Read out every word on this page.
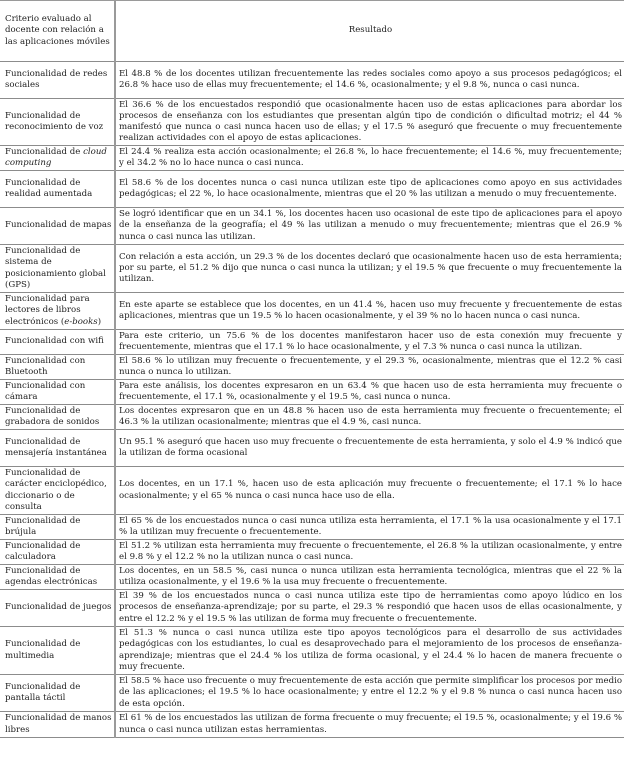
Criterio evaluado al docente con relación a las aplicaciones móviles	Resultado
Funcionalidad de redes sociales	El 48.8 % de los docentes utilizan frecuentemente las redes sociales como apoyo a sus procesos pedagógicos; el 26.8 % hace uso de ellas muy frecuentemente; el 14.6 %, ocasionalmente; y el 9.8 %, nunca o casi nunca.
Funcionalidad de reconocimiento de voz	El 36.6 % de los encuestados respondió que ocasionalmente hacen uso de estas aplicaciones para abordar los procesos de enseñanza con los estudiantes que presentan algún tipo de condición o dificultad motriz; el 44 % manifestó que nunca o casi nunca hacen uso de ellas; y el 17.5 % aseguró que frecuente o muy frecuentemente realizan actividades con el apoyo de estas aplicaciones.
Funcionalidad de cloud computing	El 24.4 % realiza esta acción ocasionalmente; el 26.8 %, lo hace frecuentemente; el 14.6 %, muy frecuentemente; y el 34.2 % no lo hace nunca o casi nunca.
Funcionalidad de realidad aumentada	El 58.6 % de los docentes nunca o casi nunca utilizan este tipo de aplicaciones como apoyo en sus actividades pedagógicas; el 22 %, lo hace ocasionalmente, mientras que el 20 % las utilizan a menudo o muy frecuentemente.
Funcionalidad de mapas	Se logró identificar que en un 34.1 %, los docentes hacen uso ocasional de este tipo de aplicaciones para el apoyo de la enseñanza de la geografía; el 49 % las utilizan a menudo o muy frecuentemente; mientras que el 26.9 % nunca o casi nunca las utilizan.
Funcionalidad de sistema de posicionamiento global (GPS)	Con relación a esta acción, un 29.3 % de los docentes declaró que ocasionalmente hacen uso de esta herramienta; por su parte, el 51.2 % dijo que nunca o casi nunca la utilizan; y el 19.5 % que frecuente o muy frecuentemente la utilizan.
Funcionalidad para lectores de libros electrónicos (e-books)	En este aparte se establece que los docentes, en un 41.4 %, hacen uso muy frecuente y frecuentemente de estas aplicaciones, mientras que un 19.5 % lo hacen ocasionalmente, y el 39 % no lo hacen nunca o casi nunca.
Funcionalidad con wifi	Para este criterio, un 75.6 % de los docentes manifestaron hacer uso de esta conexión muy frecuente y frecuentemente, mientras que el 17.1 % lo hace ocasionalmente, y el 7.3 % nunca o casi nunca la utilizan.
Funcionalidad con Bluetooth	El 58.6 % lo utilizan muy frecuente o frecuentemente, y el 29.3 %, ocasionalmente, mientras que el 12.2 % casi nunca o nunca lo utilizan.
Funcionalidad con cámara	Para este análisis, los docentes expresaron en un 63.4 % que hacen uso de esta herramienta muy frecuente o frecuentemente, el 17.1 %, ocasionalmente y el 19.5 %, casi nunca o nunca.
Funcionalidad de grabadora de sonidos	Los docentes expresaron que en un 48.8 % hacen uso de esta herramienta muy frecuente o frecuentemente; el 46.3 % la utilizan ocasionalmente; mientras que el 4.9 %, casi nunca.
Funcionalidad de mensajería instantánea	Un 95.1 % aseguró que hacen uso muy frecuente o frecuentemente de esta herramienta, y solo el 4.9 % indicó que la utilizan de forma ocasional
Funcionalidad de carácter enciclopédico, diccionario o de consulta	Los docentes, en un 17.1 %, hacen uso de esta aplicación muy frecuente o frecuentemente; el 17.1 % lo hace ocasionalmente; y el 65 % nunca o casi nunca hace uso de ella.
Funcionalidad de brújula	El 65 % de los encuestados nunca o casi nunca utiliza esta herramienta, el 17.1 % la usa ocasionalmente y el 17.1 % la utilizan muy frecuente o frecuentemente.
Funcionalidad de calculadora	El 51.2 % utilizan esta herramienta muy frecuente o frecuentemente, el 26.8 % la utilizan ocasionalmente, y entre el 9.8 % y el 12.2 % no la utilizan nunca o casi nunca.
Funcionalidad de agendas electrónicas	Los docentes, en un 58.5 %, casi nunca o nunca utilizan esta herramienta tecnológica, mientras que el 22 % la utiliza ocasionalmente, y el 19.6 % la usa muy frecuente o frecuentemente.
Funcionalidad de juegos	El 39 % de los encuestados nunca o casi nunca utiliza este tipo de herramientas como apoyo lúdico en los procesos de enseñanza-aprendizaje; por su parte, el 29.3 % respondió que hacen usos de ellas ocasionalmente, y entre el 12.2 % y el 19.5 % las utilizan de forma muy frecuente o frecuentemente.
Funcionalidad de multimedia	El 51.3 % nunca o casi nunca utiliza este tipo apoyos tecnológicos para el desarrollo de sus actividades pedagógicas con los estudiantes, lo cual es desaprovechado para el mejoramiento de los procesos de enseñanza-aprendizaje; mientras que el 24.4 % los utiliza de forma ocasional, y el 24.4 % lo hacen de manera frecuente o muy frecuente.
Funcionalidad de pantalla táctil	El 58.5 % hace uso frecuente o muy frecuentemente de esta acción que permite simplificar los procesos por medio de las aplicaciones; el 19.5 % lo hace ocasionalmente; y entre el 12.2 % y el 9.8 % nunca o casi nunca hacen uso de esta opción.
Funcionalidad de manos libres	El 61 % de los encuestados las utilizan de forma frecuente o muy frecuente; el 19.5 %, ocasionalmente; y el 19.6 % nunca o casi nunca utilizan estas herramientas.
